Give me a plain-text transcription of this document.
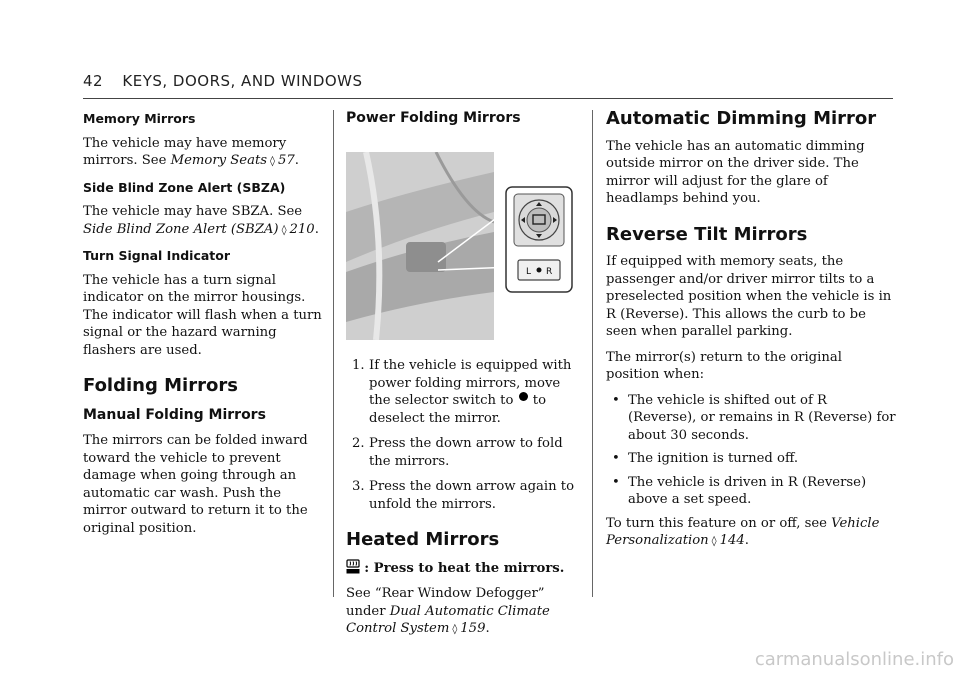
42 KEYS, DOORS, AND WINDOWS
Memory Mirrors

The vehicle may have memory mirrors. See Memory Seats ◊ 57.

Side Blind Zone Alert (SBZA)

The vehicle may have SBZA. See Side Blind Zone Alert (SBZA) ◊ 210.

Turn Signal Indicator

The vehicle has a turn signal indicator on the mirror housings. The indicator will flash when a turn signal or the hazard warning flashers are used.

Folding Mirrors
Manual Folding Mirrors

The mirrors can be folded inward toward the vehicle to prevent damage when going through an automatic car wash. Push the mirror outward to return it to the original position.

Power Folding Mirrors
L R
1. If the vehicle is equipped with power folding mirrors, move the selector switch to to deselect the mirror.
2. Press the down arrow to fold the mirrors.
3. Press the down arrow again to unfold the mirrors.
Heated Mirrors

: Press to heat the mirrors.

See “Rear Window Defogger” under Dual Automatic Climate Control System ◊ 159.

Automatic Dimming Mirror

The vehicle has an automatic dimming outside mirror on the driver side. The mirror will adjust for the glare of headlamps behind you.

Reverse Tilt Mirrors

If equipped with memory seats, the passenger and/or driver mirror tilts to a preselected position when the vehicle is in R (Reverse). This allows the curb to be seen when parallel parking.

The mirror(s) return to the original position when:

• The vehicle is shifted out of R (Reverse), or remains in R (Reverse) for about 30 seconds.
• The ignition is turned off.
• The vehicle is driven in R (Reverse) above a set speed.

To turn this feature on or off, see Vehicle Personalization ◊ 144.

carmanualsonline.info
